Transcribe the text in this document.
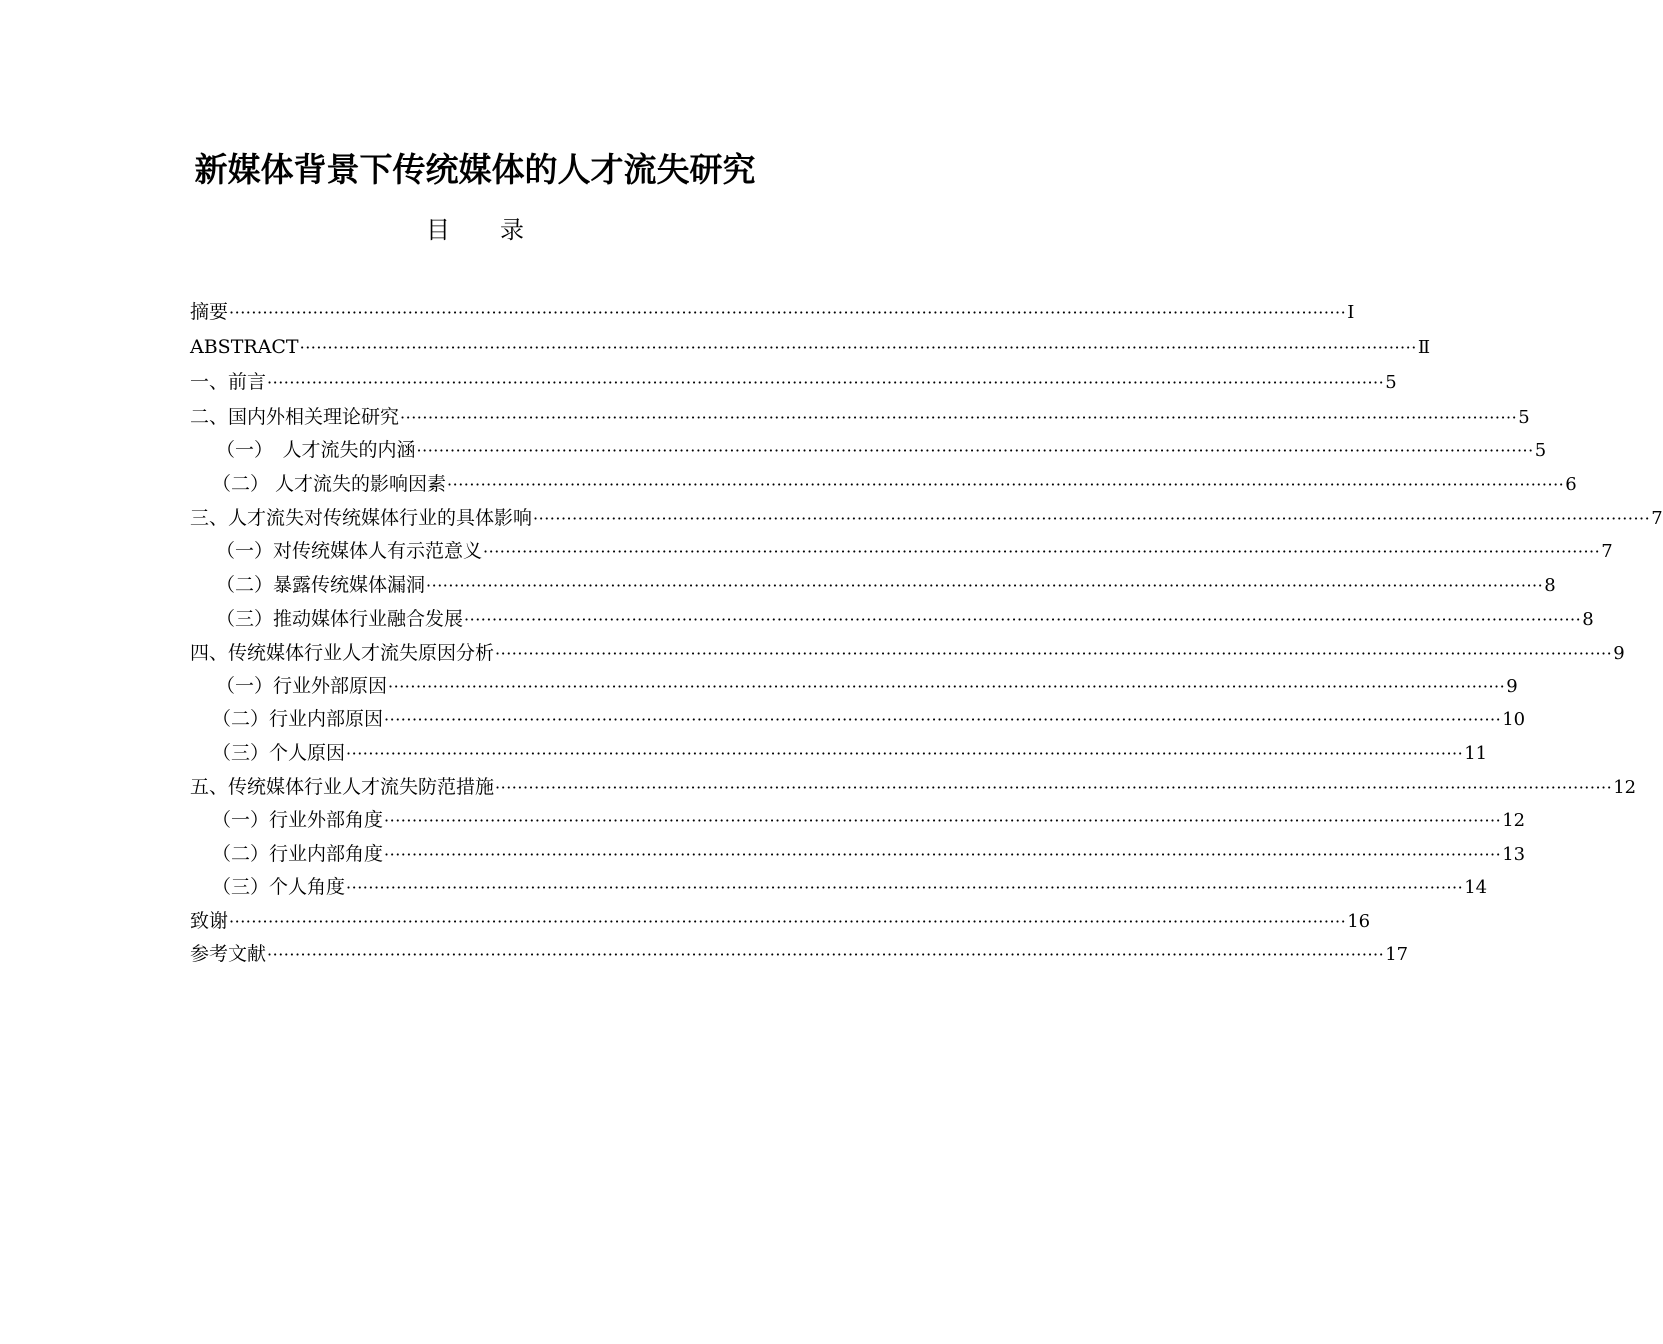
新媒体背景下传统媒体的人才流失研究
目 录
摘要 ········································································································································································································ Ⅰ
ABSTRACT ········································································································································································································ Ⅱ
一、前言 ········································································································································································································ 5
二、国内外相关理论研究 ········································································································································································································ 5
（一）　人才流失的内涵 ········································································································································································································ 5
（二） 人才流失的影响因素 ········································································································································································································ 6
三、人才流失对传统媒体行业的具体影响 ········································································································································································································ 7
（一）对传统媒体人有示范意义 ········································································································································································································ 7
（二）暴露传统媒体漏洞 ········································································································································································································ 8
（三）推动媒体行业融合发展 ········································································································································································································ 8
四、传统媒体行业人才流失原因分析 ········································································································································································································ 9
（一）行业外部原因 ········································································································································································································ 9
（二）行业内部原因 ········································································································································································································ 10
（三）个人原因 ········································································································································································································ 11
五、传统媒体行业人才流失防范措施 ········································································································································································································ 12
（一）行业外部角度 ········································································································································································································ 12
（二）行业内部角度 ········································································································································································································ 13
（三）个人角度 ········································································································································································································ 14
致谢 ········································································································································································································ 16
参考文献 ········································································································································································································ 17
